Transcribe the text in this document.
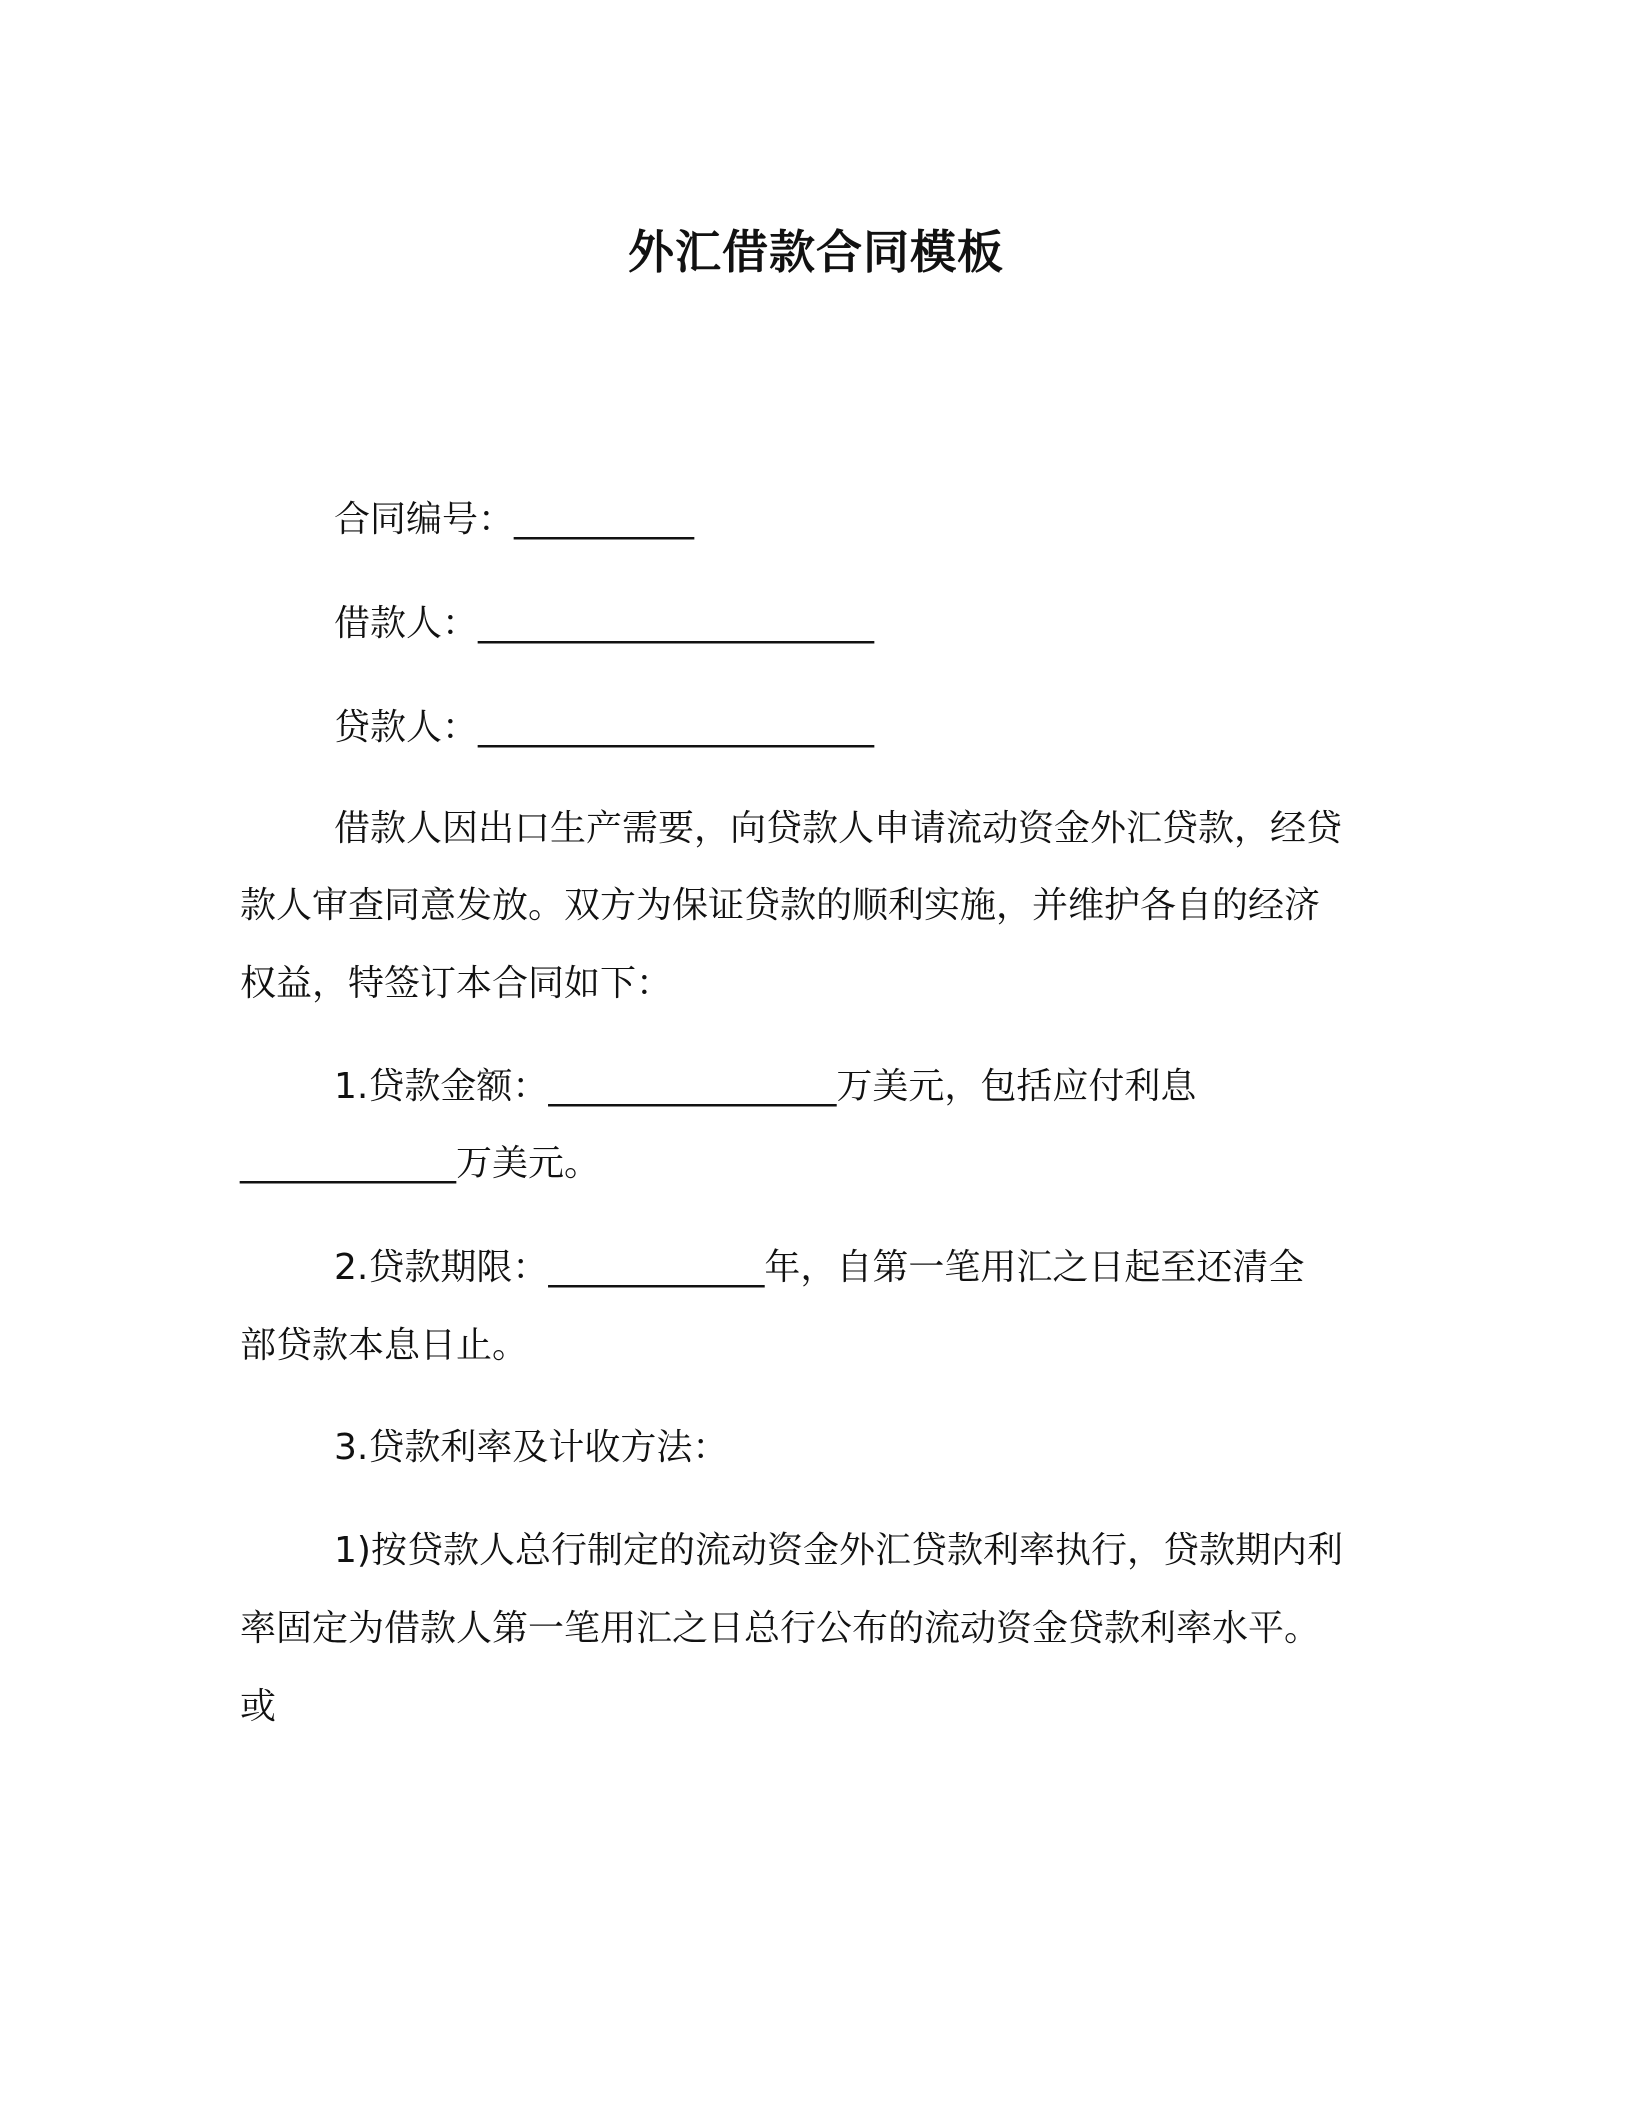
外汇借款合同模板
合同编号：__________
借款人：______________________
贷款人：______________________
借款人因出口生产需要，向贷款人申请流动资金外汇贷款，经贷
款人审查同意发放。双方为保证贷款的顺利实施，并维护各自的经济
权益，特签订本合同如下：
1.贷款金额：________________万美元，包括应付利息
____________万美元。
2.贷款期限：____________年，自第一笔用汇之日起至还清全
部贷款本息日止。
3.贷款利率及计收方法：
1)按贷款人总行制定的流动资金外汇贷款利率执行，贷款期内利
率固定为借款人第一笔用汇之日总行公布的流动资金贷款利率水平。
或
